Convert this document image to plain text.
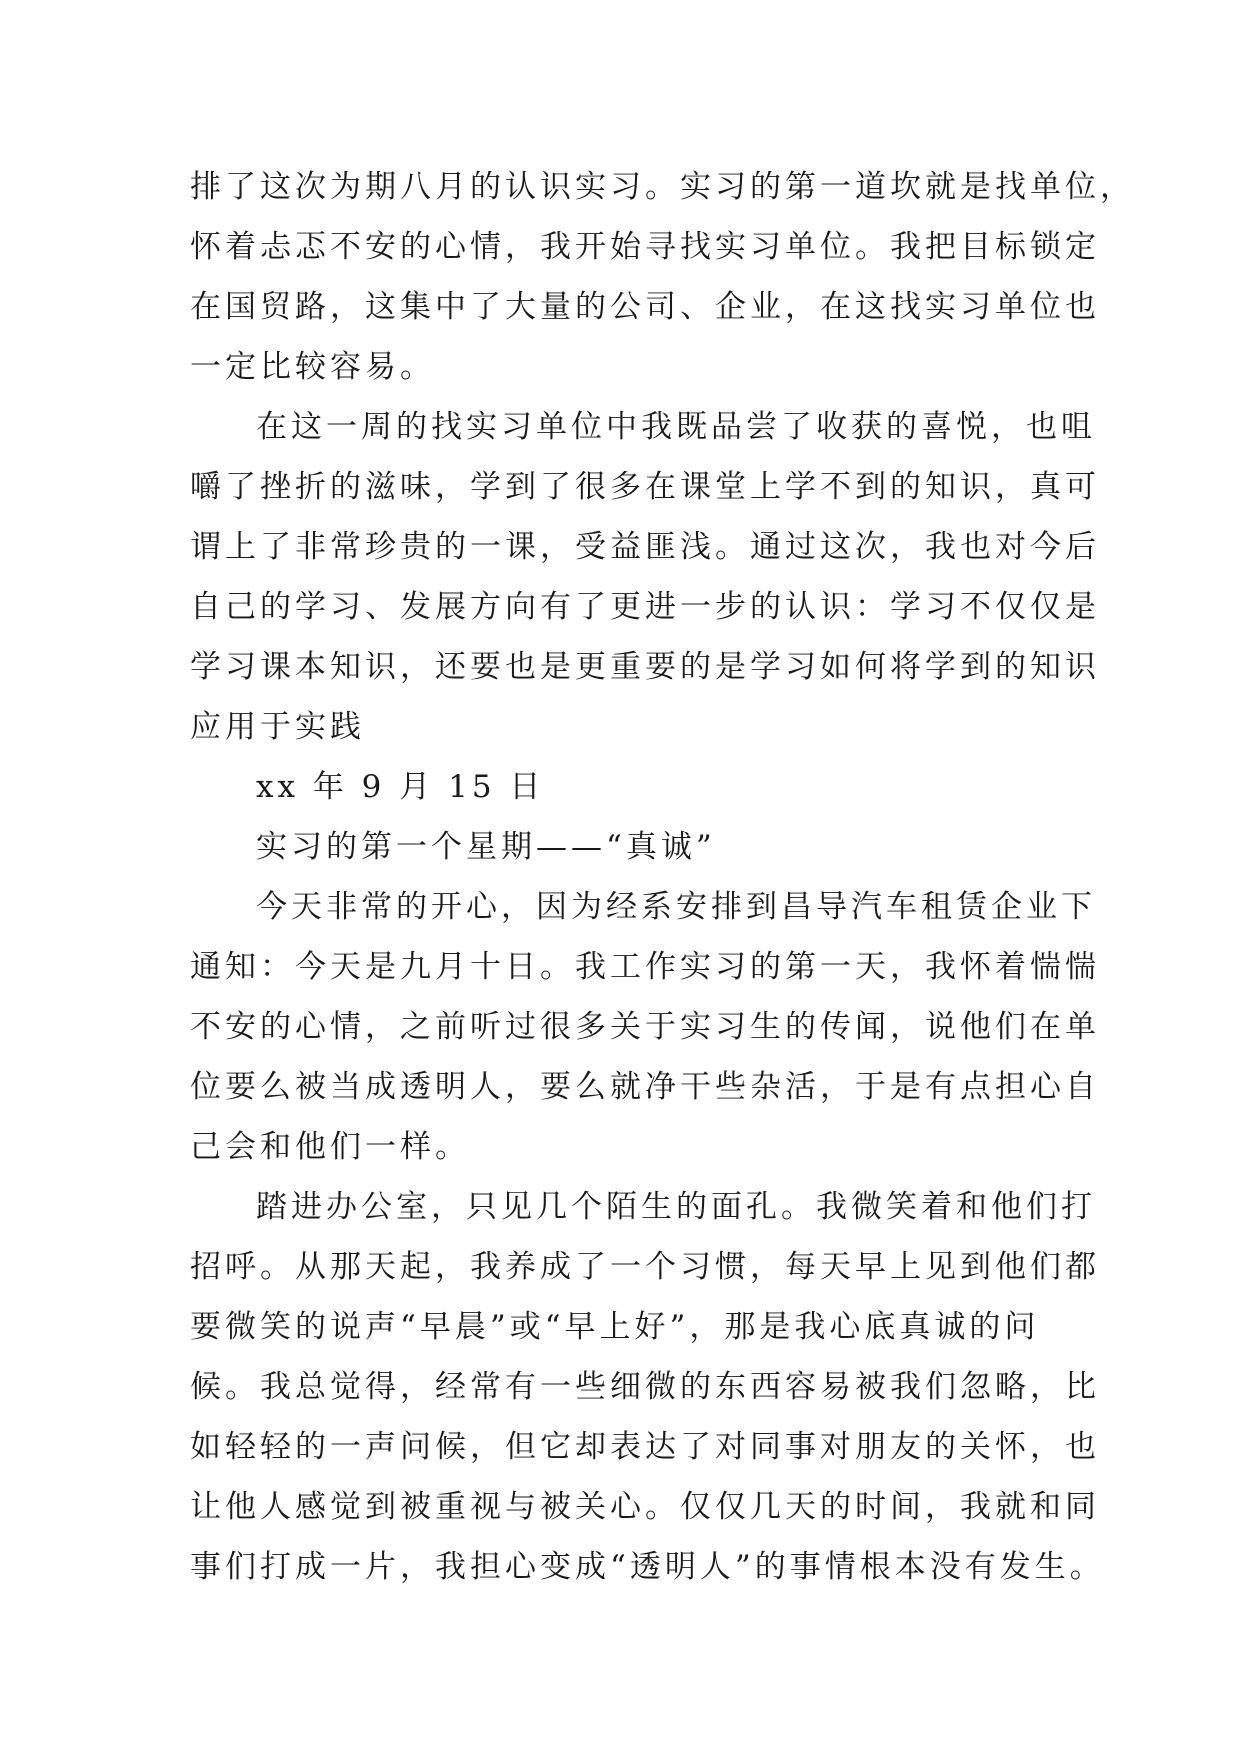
排了这次为期八月的认识实习。实习的第一道坎就是找单位，
怀着忐忑不安的心情，我开始寻找实习单位。我把目标锁定
在国贸路，这集中了大量的公司、企业，在这找实习单位也
一定比较容易。
在这一周的找实习单位中我既品尝了收获的喜悦，也咀
嚼了挫折的滋味，学到了很多在课堂上学不到的知识，真可
谓上了非常珍贵的一课，受益匪浅。通过这次，我也对今后
自己的学习、发展方向有了更进一步的认识：学习不仅仅是
学习课本知识，还要也是更重要的是学习如何将学到的知识
应用于实践
xx 年 9 月 15 日
实习的第一个星期——“真诚”
今天非常的开心，因为经系安排到昌导汽车租赁企业下
通知：今天是九月十日。我工作实习的第一天，我怀着惴惴
不安的心情，之前听过很多关于实习生的传闻，说他们在单
位要么被当成透明人，要么就净干些杂活，于是有点担心自
己会和他们一样。
踏进办公室，只见几个陌生的面孔。我微笑着和他们打
招呼。从那天起，我养成了一个习惯，每天早上见到他们都
要微笑的说声“早晨”或“早上好”，那是我心底真诚的问
候。我总觉得，经常有一些细微的东西容易被我们忽略，比
如轻轻的一声问候，但它却表达了对同事对朋友的关怀，也
让他人感觉到被重视与被关心。仅仅几天的时间，我就和同
事们打成一片，我担心变成“透明人”的事情根本没有发生。
